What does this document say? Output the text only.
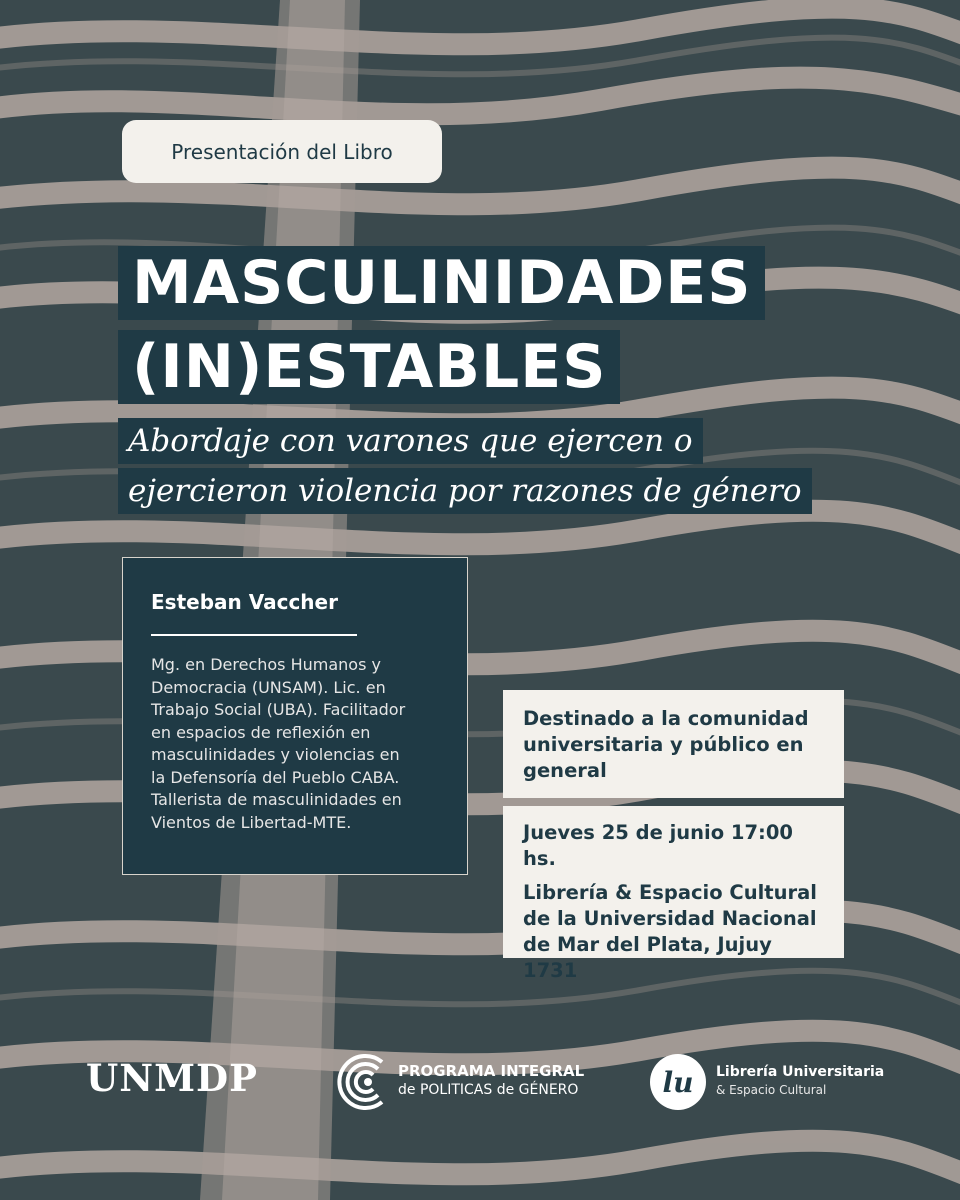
Presentación del Libro
MASCULINIDADES
(IN)ESTABLES
Abordaje con varones que ejercen o
ejercieron violencia por razones de género
Esteban Vaccher
Mg. en Derechos Humanos y
Democracia (UNSAM). Lic. en
Trabajo Social (UBA). Facilitador
en espacios de reflexión en
masculinidades y violencias en
la Defensoría del Pueblo CABA.
Tallerista de masculinidades en
Vientos de Libertad-MTE.
Destinado a la comunidad
universitaria y público en
general
Jueves 25 de junio 17:00 hs.
Librería & Espacio Cultural
de la Universidad Nacional
de Mar del Plata, Jujuy 1731
UNMDP	PROGRAMA INTEGRAL
de POLITICAS de GÉNERO	lu	Librería Universitaria
& Espacio Cultural
